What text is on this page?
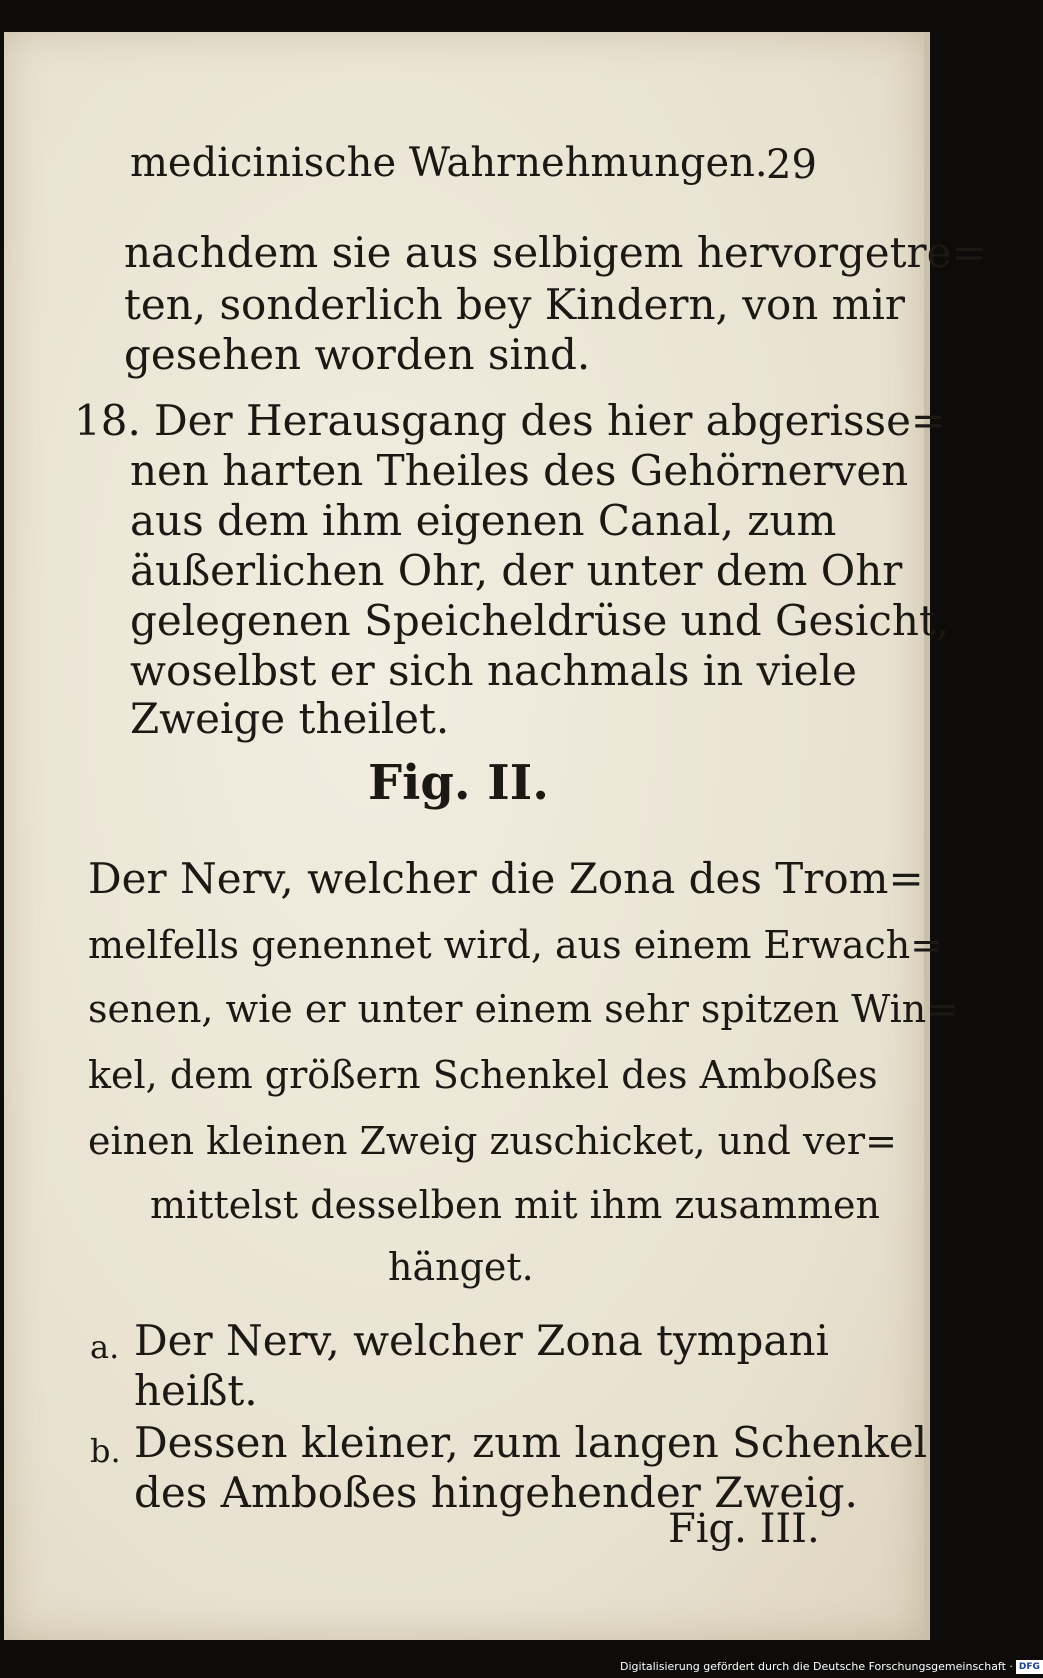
medicinische Wahrnehmungen.
29
nachdem sie aus selbigem hervorgetre=
ten, sonderlich bey Kindern, von mir
gesehen worden sind.
18. Der Herausgang des hier abgerisse=
nen harten Theiles des Gehörnerven
aus dem ihm eigenen Canal, zum
äußerlichen Ohr, der unter dem Ohr
gelegenen Speicheldrüse und Gesicht,
woselbst er sich nachmals in viele
Zweige theilet.
Fig. II.
Der Nerv, welcher die Zona des Trom=
melfells genennet wird, aus einem Erwach=
senen, wie er unter einem sehr spitzen Win=
kel, dem größern Schenkel des Amboßes
einen kleinen Zweig zuschicket, und ver=
mittelst desselben mit ihm zusammen
hänget.
a. Der Nerv, welcher Zona tympani
heißt.
b. Dessen kleiner, zum langen Schenkel
des Amboßes hingehender Zweig.
Fig. III.
Digitalisierung gefördert durch die Deutsche Forschungsgemeinschaft · DFG
